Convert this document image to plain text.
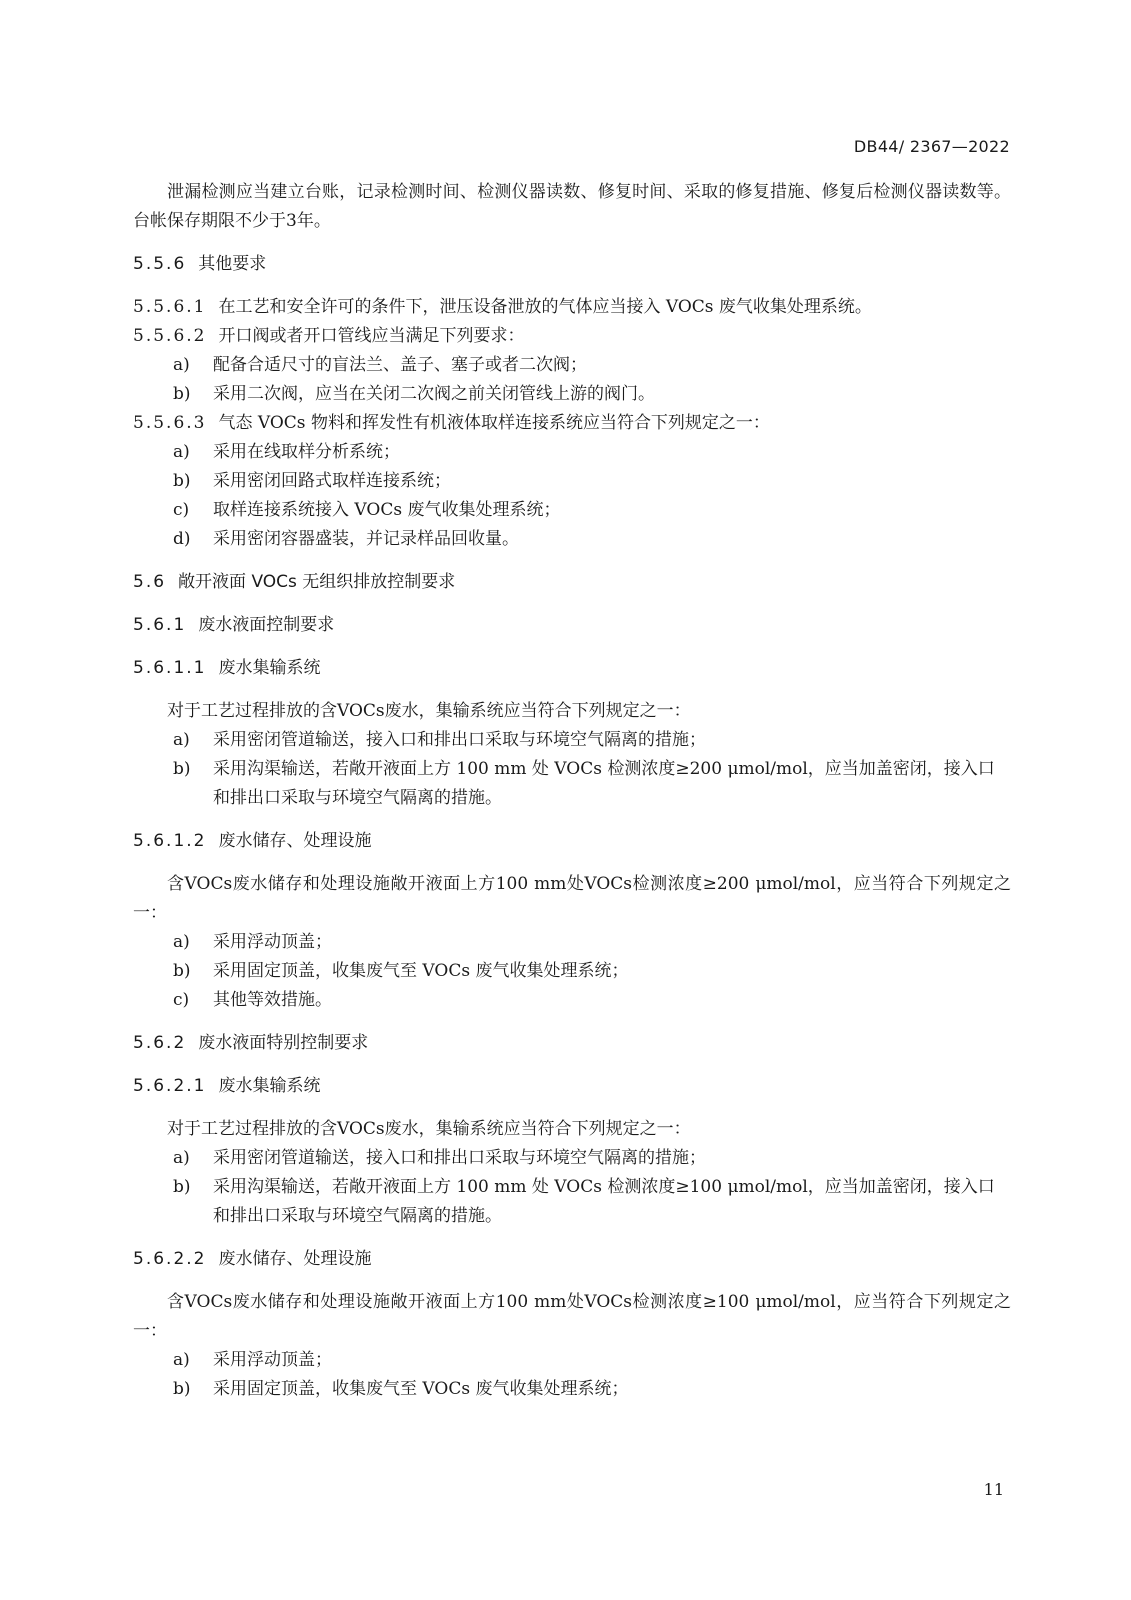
DB44/ 2367—2022

泄漏检测应当建立台账，记录检测时间、检测仪器读数、修复时间、采取的修复措施、修复后检测仪器读数等。台帐保存期限不少于3年。

5.5.6 其他要求

5.5.6.1 在工艺和安全许可的条件下，泄压设备泄放的气体应当接入 VOCs 废气收集处理系统。

5.5.6.2 开口阀或者开口管线应当满足下列要求：

a) 配备合适尺寸的盲法兰、盖子、塞子或者二次阀；

b) 采用二次阀，应当在关闭二次阀之前关闭管线上游的阀门。

5.5.6.3 气态 VOCs 物料和挥发性有机液体取样连接系统应当符合下列规定之一：

a) 采用在线取样分析系统；

b) 采用密闭回路式取样连接系统；

c) 取样连接系统接入 VOCs 废气收集处理系统；

d) 采用密闭容器盛装，并记录样品回收量。

5.6 敞开液面 VOCs 无组织排放控制要求
5.6.1 废水液面控制要求
5.6.1.1 废水集输系统

对于工艺过程排放的含VOCs废水，集输系统应当符合下列规定之一：

a) 采用密闭管道输送，接入口和排出口采取与环境空气隔离的措施；

b) 采用沟渠输送，若敞开液面上方 100 mm 处 VOCs 检测浓度≥200 μmol/mol，应当加盖密闭，接入口和排出口采取与环境空气隔离的措施。

5.6.1.2 废水储存、处理设施

含VOCs废水储存和处理设施敞开液面上方100 mm处VOCs检测浓度≥200 μmol/mol，应当符合下列规定之一：

a) 采用浮动顶盖；

b) 采用固定顶盖，收集废气至 VOCs 废气收集处理系统；

c) 其他等效措施。

5.6.2 废水液面特别控制要求
5.6.2.1 废水集输系统

对于工艺过程排放的含VOCs废水，集输系统应当符合下列规定之一：

a) 采用密闭管道输送，接入口和排出口采取与环境空气隔离的措施；

b) 采用沟渠输送，若敞开液面上方 100 mm 处 VOCs 检测浓度≥100 μmol/mol，应当加盖密闭，接入口和排出口采取与环境空气隔离的措施。

5.6.2.2 废水储存、处理设施

含VOCs废水储存和处理设施敞开液面上方100 mm处VOCs检测浓度≥100 μmol/mol，应当符合下列规定之一：

a) 采用浮动顶盖；

b) 采用固定顶盖，收集废气至 VOCs 废气收集处理系统；

11
